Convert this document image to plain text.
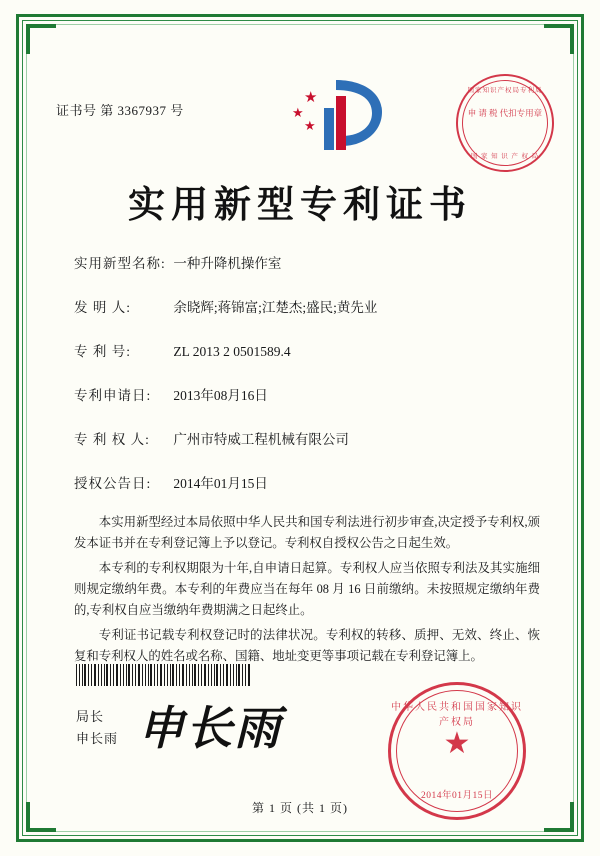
证书号 第 3367937 号
★
★
★
国家知识产权局专利局
申 请 税 代扣专用章
国 家 知 识 产 权 局
实用新型专利证书
实用新型名称: 一种升降机操作室
发 明 人:	余晓辉;蒋锦富;江楚杰;盛民;黄先业
专 利 号:	ZL 2013 2 0501589.4
专利申请日: 2013年08月16日
专 利 权 人: 广州市特威工程机械有限公司
授权公告日: 2014年01月15日

本实用新型经过本局依照中华人民共和国专利法进行初步审查,决定授予专利权,颁发本证书并在专利登记簿上予以登记。专利权自授权公告之日起生效。

本专利的专利权期限为十年,自申请日起算。专利权人应当依照专利法及其实施细则规定缴纳年费。本专利的年费应当在每年 08 月 16 日前缴纳。未按照规定缴纳年费的,专利权自应当缴纳年费期满之日起终止。

专利证书记载专利权登记时的法律状况。专利权的转移、质押、无效、终止、恢复和专利权人的姓名或名称、国籍、地址变更等事项记载在专利登记簿上。

局长
申长雨 申长雨	中华人民共和国国家知识产权局
★
2014年01月15日
第 1 页 (共 1 页)
